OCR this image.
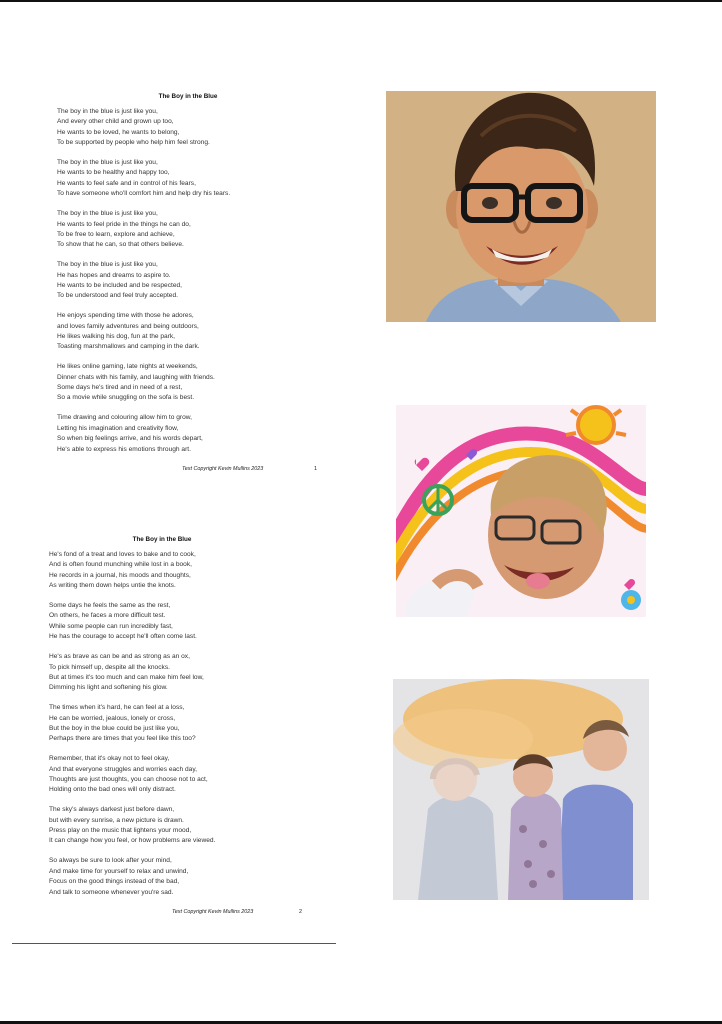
The Boy in the Blue
The boy in the blue is just like you,
And every other child and grown up too,
He wants to be loved, he wants to belong,
To be supported by people who help him feel strong.
The boy in the blue is just like you,
He wants to be healthy and happy too,
He wants to feel safe and in control of his fears,
To have someone who'll comfort him and help dry his tears.
The boy in the blue is just like you,
He wants to feel pride in the things he can do,
To be free to learn, explore and achieve,
To show that he can, so that others believe.
The boy in the blue is just like you,
He has hopes and dreams to aspire to.
He wants to be included and be respected,
To be understood and feel truly accepted.
He enjoys spending time with those he adores,
and loves family adventures and being outdoors,
He likes walking his dog, fun at the park,
Toasting marshmallows and camping in the dark.
He likes online gaming, late nights at weekends,
Dinner chats with his family, and laughing with friends.
Some days he's tired and in need of a rest,
So a movie while snuggling on the sofa is best.
Time drawing and colouring allow him to grow,
Letting his imagination and creativity flow,
So when big feelings arrive, and his words depart,
He's able to express his emotions through art.
Text Copyright Kevin Mullins 2023	1
The Boy in the Blue
He's fond of a treat and loves to bake and to cook,
And is often found munching while lost in a book,
He records in a journal, his moods and thoughts,
As writing them down helps untie the knots.
Some days he feels the same as the rest,
On others, he faces a more difficult test.
While some people can run incredibly fast,
He has the courage to accept he'll often come last.
He's as brave as can be and as strong as an ox,
To pick himself up, despite all the knocks.
But at times it's too much and can make him feel low,
Dimming his light and softening his glow.
The times when it's hard, he can feel at a loss,
He can be worried, jealous, lonely or cross,
But the boy in the blue could be just like you,
Perhaps there are times that you feel like this too?
Remember, that it's okay not to feel okay,
And that everyone struggles and worries each day,
Thoughts are just thoughts, you can choose not to act,
Holding onto the bad ones will only distract.
The sky's always darkest just before dawn,
but with every sunrise, a new picture is drawn.
Press play on the music that lightens your mood,
It can change how you feel, or how problems are viewed.
So always be sure to look after your mind,
And make time for yourself to relax and unwind,
Focus on the good things instead of the bad,
And talk to someone whenever you're sad.
Text Copyright Kevin Mullins 2023	2
